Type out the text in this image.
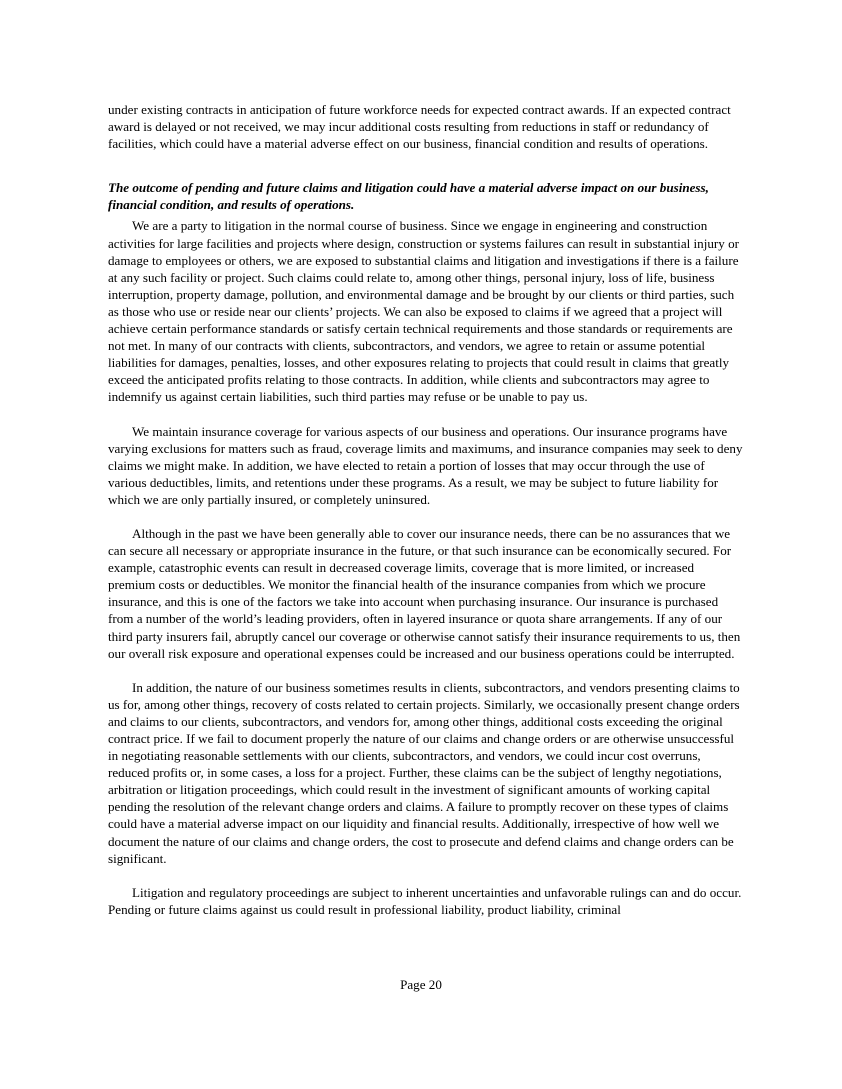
under existing contracts in anticipation of future workforce needs for expected contract awards. If an expected contract award is delayed or not received, we may incur additional costs resulting from reductions in staff or redundancy of facilities, which could have a material adverse effect on our business, financial condition and results of operations.

The outcome of pending and future claims and litigation could have a material adverse impact on our business, financial condition, and results of operations.

We are a party to litigation in the normal course of business. Since we engage in engineering and construction activities for large facilities and projects where design, construction or systems failures can result in substantial injury or damage to employees or others, we are exposed to substantial claims and litigation and investigations if there is a failure at any such facility or project. Such claims could relate to, among other things, personal injury, loss of life, business interruption, property damage, pollution, and environmental damage and be brought by our clients or third parties, such as those who use or reside near our clients’ projects. We can also be exposed to claims if we agreed that a project will achieve certain performance standards or satisfy certain technical requirements and those standards or requirements are not met. In many of our contracts with clients, subcontractors, and vendors, we agree to retain or assume potential liabilities for damages, penalties, losses, and other exposures relating to projects that could result in claims that greatly exceed the anticipated profits relating to those contracts. In addition, while clients and subcontractors may agree to indemnify us against certain liabilities, such third parties may refuse or be unable to pay us.

We maintain insurance coverage for various aspects of our business and operations. Our insurance programs have varying exclusions for matters such as fraud, coverage limits and maximums, and insurance companies may seek to deny claims we might make. In addition, we have elected to retain a portion of losses that may occur through the use of various deductibles, limits, and retentions under these programs. As a result, we may be subject to future liability for which we are only partially insured, or completely uninsured.

Although in the past we have been generally able to cover our insurance needs, there can be no assurances that we can secure all necessary or appropriate insurance in the future, or that such insurance can be economically secured. For example, catastrophic events can result in decreased coverage limits, coverage that is more limited, or increased premium costs or deductibles. We monitor the financial health of the insurance companies from which we procure insurance, and this is one of the factors we take into account when purchasing insurance. Our insurance is purchased from a number of the world’s leading providers, often in layered insurance or quota share arrangements. If any of our third party insurers fail, abruptly cancel our coverage or otherwise cannot satisfy their insurance requirements to us, then our overall risk exposure and operational expenses could be increased and our business operations could be interrupted.

In addition, the nature of our business sometimes results in clients, subcontractors, and vendors presenting claims to us for, among other things, recovery of costs related to certain projects. Similarly, we occasionally present change orders and claims to our clients, subcontractors, and vendors for, among other things, additional costs exceeding the original contract price. If we fail to document properly the nature of our claims and change orders or are otherwise unsuccessful in negotiating reasonable settlements with our clients, subcontractors, and vendors, we could incur cost overruns, reduced profits or, in some cases, a loss for a project. Further, these claims can be the subject of lengthy negotiations, arbitration or litigation proceedings, which could result in the investment of significant amounts of working capital pending the resolution of the relevant change orders and claims. A failure to promptly recover on these types of claims could have a material adverse impact on our liquidity and financial results. Additionally, irrespective of how well we document the nature of our claims and change orders, the cost to prosecute and defend claims and change orders can be significant.

Litigation and regulatory proceedings are subject to inherent uncertainties and unfavorable rulings can and do occur. Pending or future claims against us could result in professional liability, product liability, criminal

Page 20
